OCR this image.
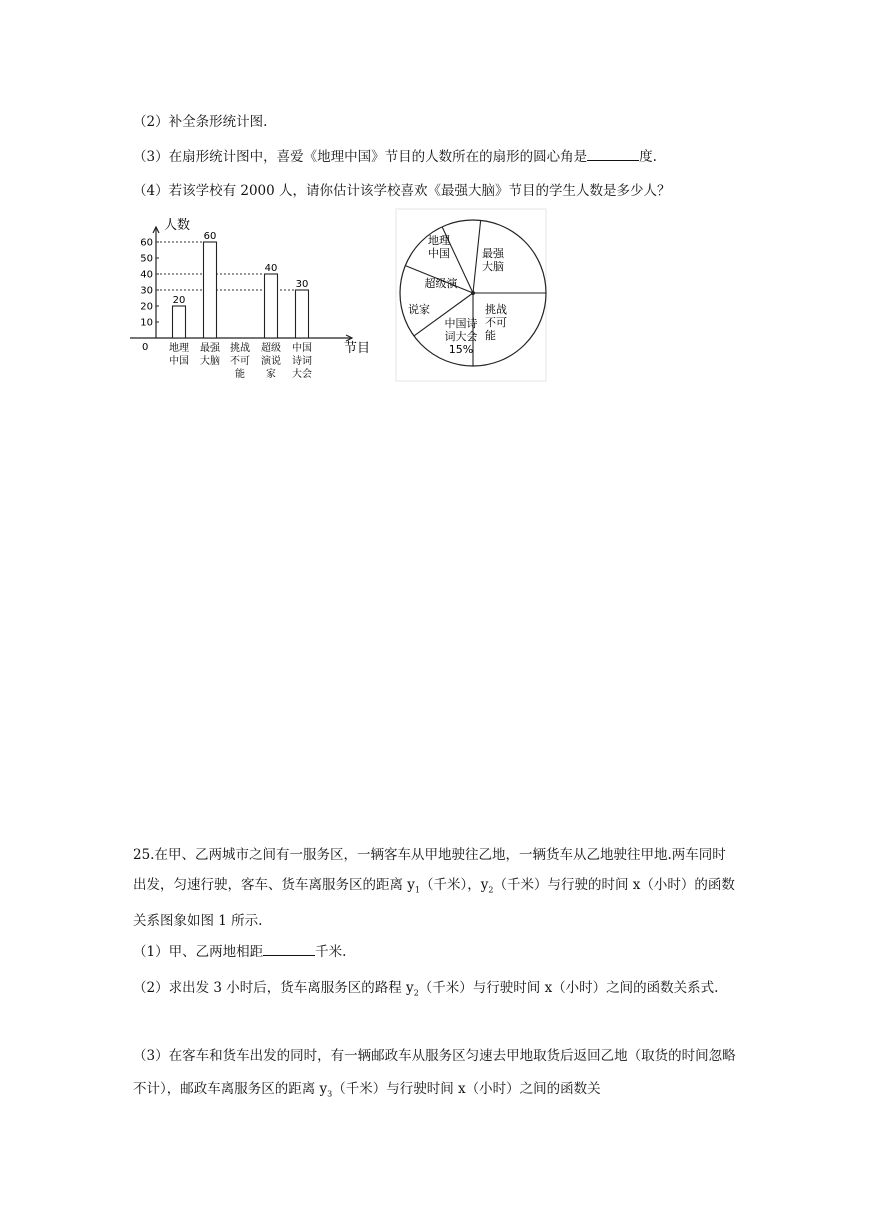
（2）补全条形统计图.
（3）在扇形统计图中，喜爱《地理中国》节目的人数所在的扇形的圆心角是	度.
（4）若该学校有 2000 人，请你估计该学校喜欢《最强大脑》节目的学生人数是多少人？
人数
节目
0
10
20
30
40
50
60
20
地理
中国
60
最强
大脑
挑战
不可
能
40
超级
演说
家
30
中国
诗词
大会
地理
中国	最强
大脑
挑战
不可
能
中国诗
词大会
15%
说家
超级演
25.在甲、乙两城市之间有一服务区，一辆客车从甲地驶往乙地，一辆货车从乙地驶往甲地.两车同时出发，匀速行驶，客车、货车离服务区的距离 $y_1$（千米），$y_2$（千米）与行驶的时间 x（小时）的函数关系图象如图 1 所示.
（1）甲、乙两地相距	千米.
（2）求出发 3 小时后，货车离服务区的路程 $y_2$（千米）与行驶时间 x（小时）之间的函数关系式.
（3）在客车和货车出发的同时，有一辆邮政车从服务区匀速去甲地取货后返回乙地（取货的时间忽略不计），邮政车离服务区的距离 $y_3$（千米）与行驶时间 x（小时）之间的函数关
